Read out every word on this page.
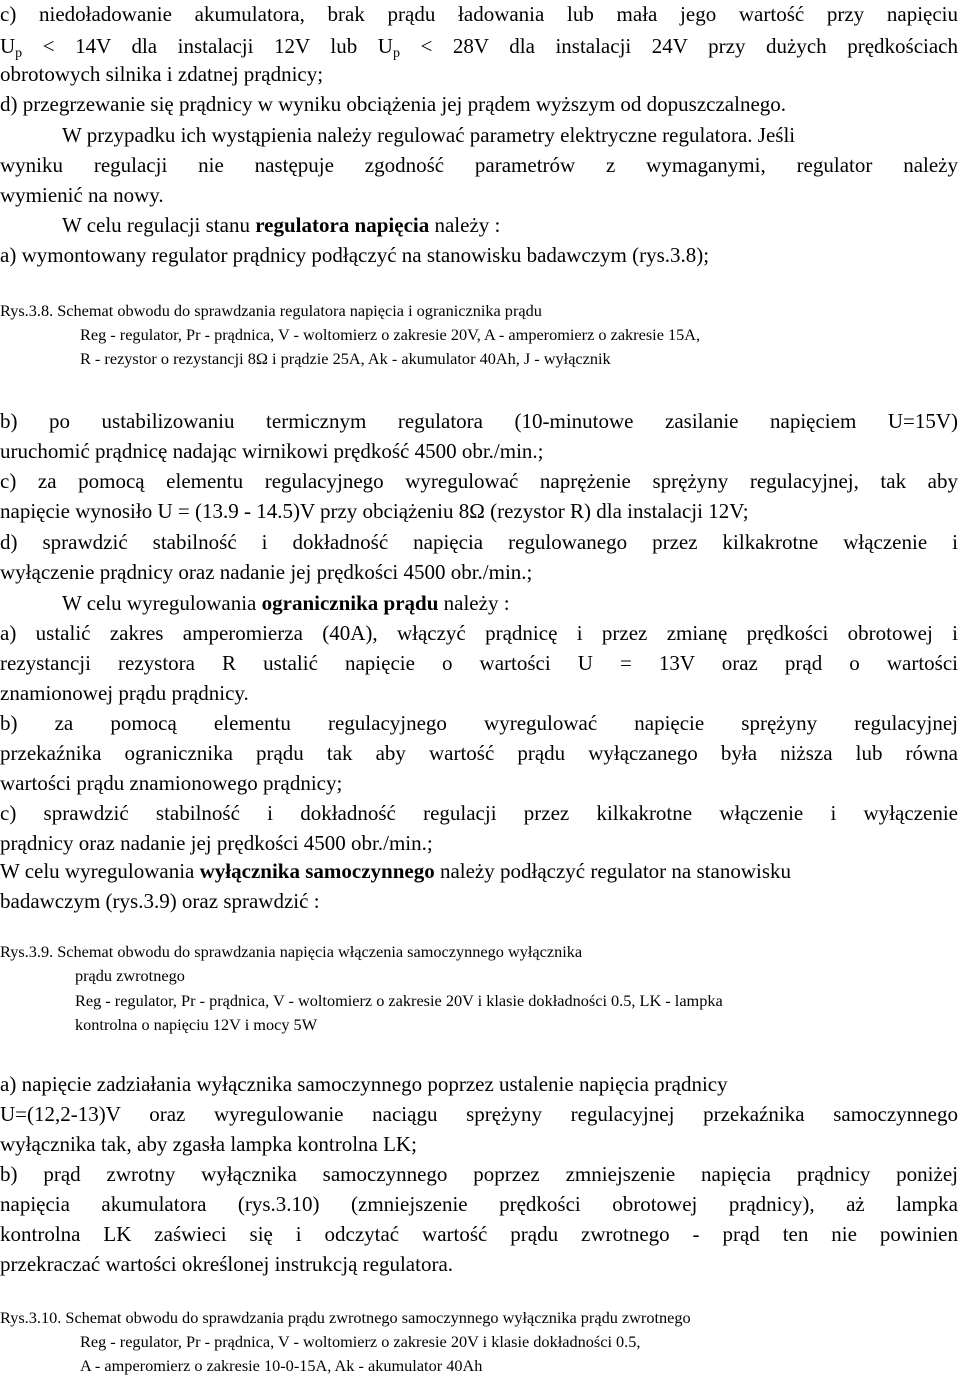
c) niedoładowanie akumulatora, brak prądu ładowania lub mała jego wartość przy napięciu
$U_p < 14V$ dla instalacji 12V lub $U_p < 28V$ dla instalacji 24V przy dużych prędkościach
obrotowych silnika i zdatnej prądnicy;
d) przegrzewanie się prądnicy w wyniku obciążenia jej prądem wyższym od dopuszczalnego.
W przypadku ich wystąpienia należy regulować parametry elektryczne regulatora. Jeśli
wyniku regulacji nie następuje zgodność parametrów z wymaganymi, regulator należy
wymienić na nowy.
W celu regulacji stanu regulatora napięcia należy :
a) wymontowany regulator prądnicy podłączyć na stanowisku badawczym (rys.3.8);
Rys.3.8. Schemat obwodu do sprawdzania regulatora napięcia i ogranicznika prądu
Reg - regulator, Pr - prądnica, V - woltomierz o zakresie 20V, A - amperomierz o zakresie 15A,
R - rezystor o rezystancji 8Ω i prądzie 25A, Ak - akumulator 40Ah, J - wyłącznik
b) po ustabilizowaniu termicznym regulatora (10-minutowe zasilanie napięciem U=15V)
uruchomić prądnicę nadając wirnikowi prędkość 4500 obr./min.;
c) za pomocą elementu regulacyjnego wyregulować naprężenie sprężyny regulacyjnej, tak aby
napięcie wynosiło U = (13.9 - 14.5)V przy obciążeniu 8Ω (rezystor R) dla instalacji 12V;
d) sprawdzić stabilność i dokładność napięcia regulowanego przez kilkakrotne włączenie i
wyłączenie prądnicy oraz nadanie jej prędkości 4500 obr./min.;
W celu wyregulowania ogranicznika prądu należy :
a) ustalić zakres amperomierza (40A), włączyć prądnicę i przez zmianę prędkości obrotowej i
rezystancji rezystora R ustalić napięcie o wartości U = 13V oraz prąd o wartości
znamionowej prądu prądnicy.
b) za pomocą elementu regulacyjnego wyregulować napięcie sprężyny regulacyjnej
przekaźnika ogranicznika prądu tak aby wartość prądu wyłączanego była niższa lub równa
wartości prądu znamionowego prądnicy;
c) sprawdzić stabilność i dokładność regulacji przez kilkakrotne włączenie i wyłączenie
prądnicy oraz nadanie jej prędkości 4500 obr./min.;
W celu wyregulowania wyłącznika samoczynnego należy podłączyć regulator na stanowisku
badawczym (rys.3.9) oraz sprawdzić :
Rys.3.9. Schemat obwodu do sprawdzania napięcia włączenia samoczynnego wyłącznika
prądu zwrotnego
Reg - regulator, Pr - prądnica, V - woltomierz o zakresie 20V i klasie dokładności 0.5, LK - lampka
kontrolna o napięciu 12V i mocy 5W
a) napięcie zadziałania wyłącznika samoczynnego poprzez ustalenie napięcia prądnicy
U=(12,2-13)V oraz wyregulowanie naciągu sprężyny regulacyjnej przekaźnika samoczynnego
wyłącznika tak, aby zgasła lampka kontrolna LK;
b) prąd zwrotny wyłącznika samoczynnego poprzez zmniejszenie napięcia prądnicy poniżej
napięcia akumulatora (rys.3.10) (zmniejszenie prędkości obrotowej prądnicy), aż lampka
kontrolna LK zaświeci się i odczytać wartość prądu zwrotnego - prąd ten nie powinien
przekraczać wartości określonej instrukcją regulatora.
Rys.3.10. Schemat obwodu do sprawdzania prądu zwrotnego samoczynnego wyłącznika prądu zwrotnego
Reg - regulator, Pr - prądnica, V - woltomierz o zakresie 20V i klasie dokładności 0.5,
A - amperomierz o zakresie 10-0-15A, Ak - akumulator 40Ah
